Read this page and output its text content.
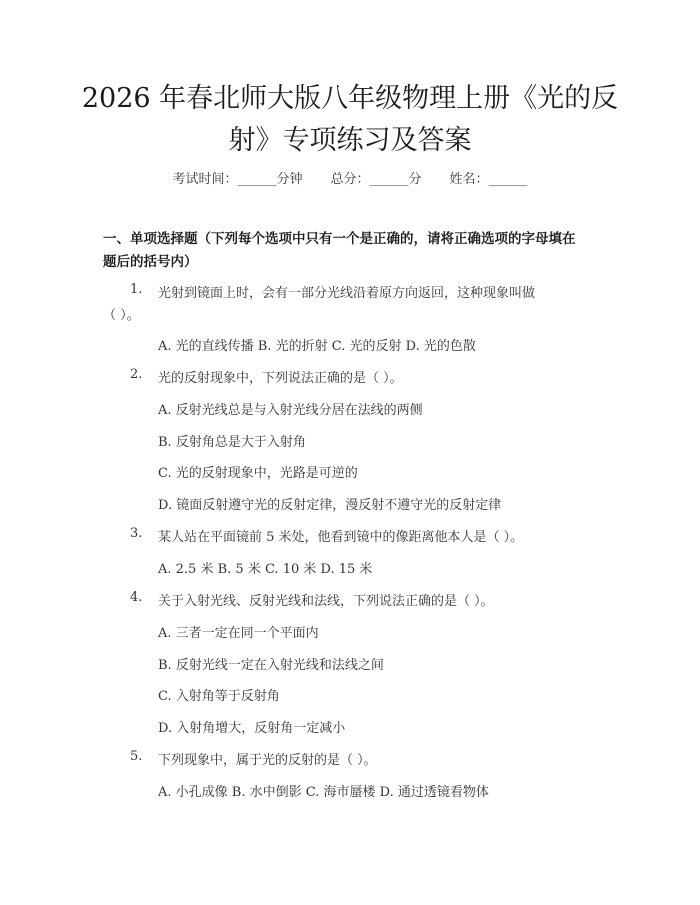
2026 年春北师大版八年级物理上册《光的反
射》专项练习及答案
考试时间：______分钟 总分：______分 姓名：______
一、单项选择题（下列每个选项中只有一个是正确的，请将正确选项的字母填在
题后的括号内）
1. 光射到镜面上时，会有一部分光线沿着原方向返回，这种现象叫做
（ ）。
A. 光的直线传播 B. 光的折射 C. 光的反射 D. 光的色散
2. 光的反射现象中，下列说法正确的是（ ）。
A. 反射光线总是与入射光线分居在法线的两侧
B. 反射角总是大于入射角
C. 光的反射现象中，光路是可逆的
D. 镜面反射遵守光的反射定律，漫反射不遵守光的反射定律
3. 某人站在平面镜前 5 米处，他看到镜中的像距离他本人是（ ）。
A. 2.5 米 B. 5 米 C. 10 米 D. 15 米
4. 关于入射光线、反射光线和法线，下列说法正确的是（ ）。
A. 三者一定在同一个平面内
B. 反射光线一定在入射光线和法线之间
C. 入射角等于反射角
D. 入射角增大，反射角一定减小
5. 下列现象中，属于光的反射的是（ ）。
A. 小孔成像 B. 水中倒影 C. 海市蜃楼 D. 通过透镜看物体
